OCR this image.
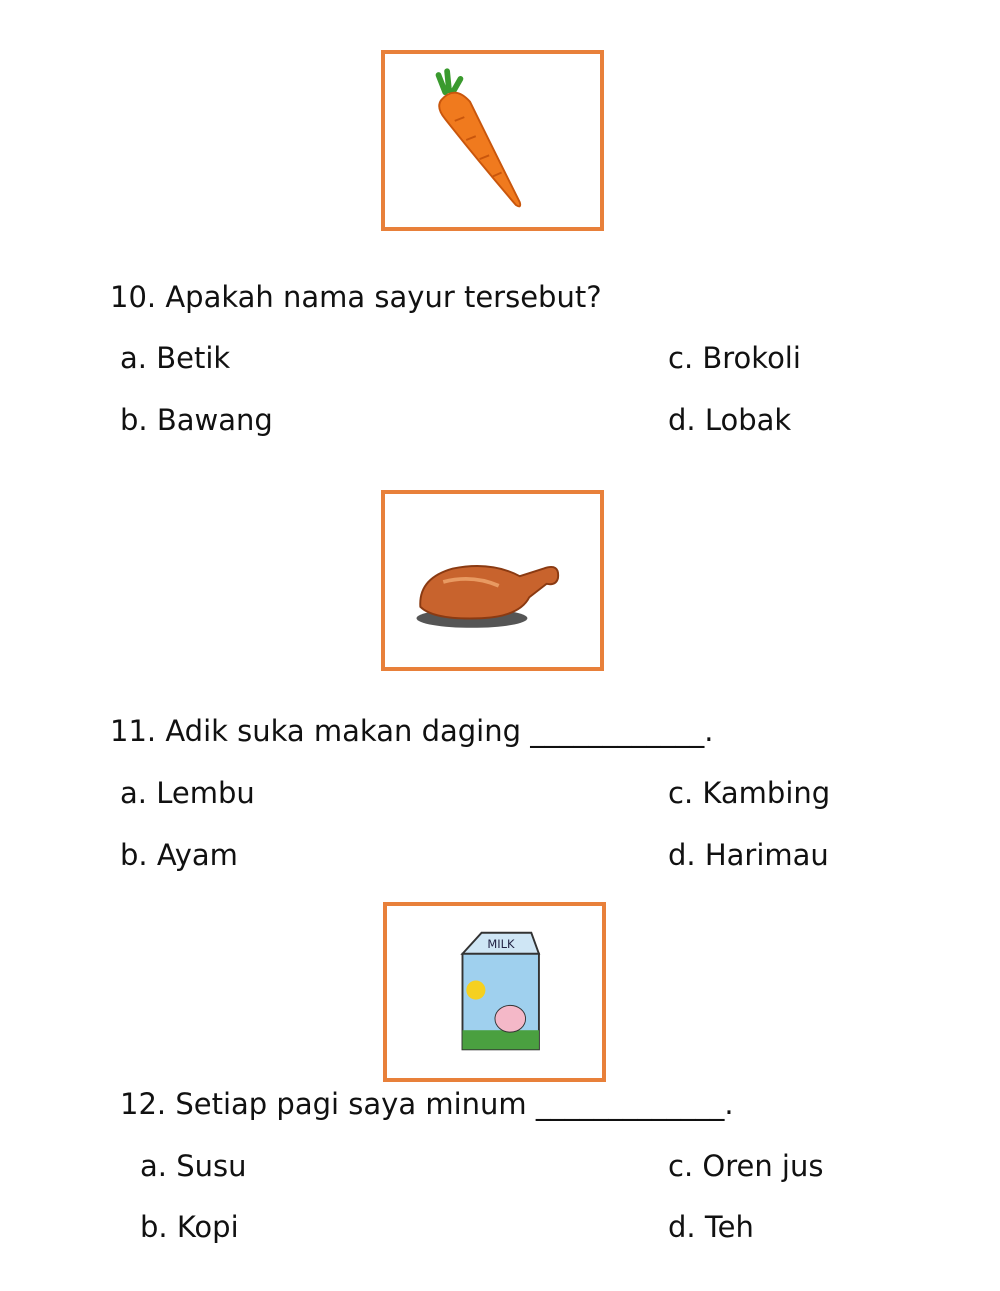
10. Apakah nama sayur tersebut?
a. Betik
b. Bawang
c. Brokoli
d. Lobak
11. Adik suka makan daging ____________.
a. Lembu
b. Ayam
c. Kambing
d. Harimau
MILK
12. Setiap pagi saya minum _____________.
a. Susu
b. Kopi
c. Oren jus
d. Teh
